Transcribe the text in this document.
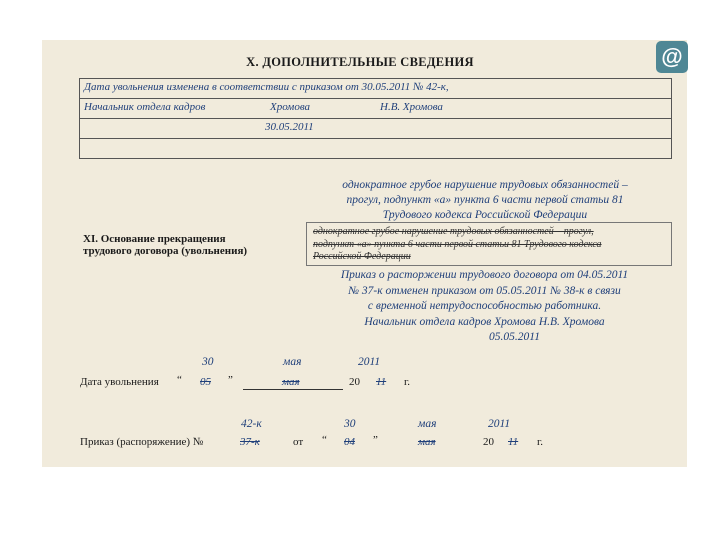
@
X. ДОПОЛНИТЕЛЬНЫЕ СВЕДЕНИЯ
Дата увольнения изменена в соответствии с приказом от 30.05.2011 № 42-к,
Начальник отдела кадров	Хромова	Н.В. Хромова
30.05.2011
однократное грубое нарушение трудовых обязанностей –
прогул, подпункт «а» пункта 6 части первой статьи 81
Трудового кодекса Российской Федерации
XI. Основание прекращения
трудового договора (увольнения)
однократное грубое нарушение трудовых обязанностей – прогул,
подпункт «а» пункта 6 части первой статьи 81 Трудового кодекса
Российской Федерации
Приказ о расторжении трудового договора от 04.05.2011
№ 37-к отменен приказом от 05.05.2011 № 38-к в связи
с временной нетрудоспособностью работника.
Начальник отдела кадров Хромова Н.В. Хромова
05.05.2011
30	мая	2011
Дата увольнения “ 05 ”	мая	20 11 г.
42-к	30	мая	2011
Приказ (распоряжение) №	37-к	от “ 04 ”	мая	20 11 г.
